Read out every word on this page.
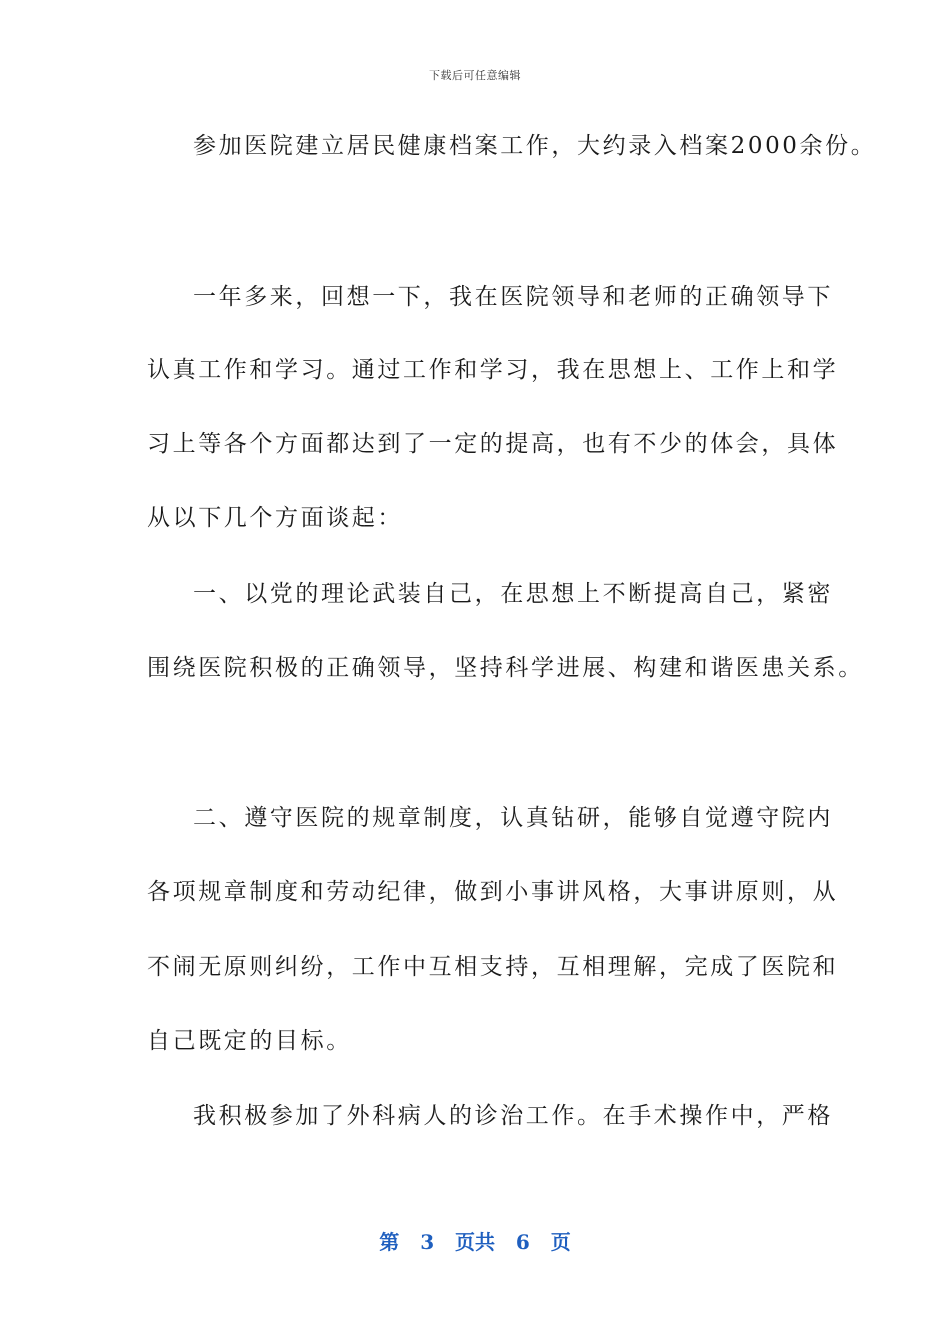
下载后可任意编辑
参加医院建立居民健康档案工作，大约录入档案2000余份。
一年多来，回想一下，我在医院领导和老师的正确领导下
认真工作和学习。通过工作和学习，我在思想上、工作上和学
习上等各个方面都达到了一定的提高，也有不少的体会，具体
从以下几个方面谈起：
一、以党的理论武装自己，在思想上不断提高自己，紧密
围绕医院积极的正确领导，坚持科学进展、构建和谐医患关系。
二、遵守医院的规章制度，认真钻研，能够自觉遵守院内
各项规章制度和劳动纪律，做到小事讲风格，大事讲原则，从
不闹无原则纠纷，工作中互相支持，互相理解，完成了医院和
自己既定的目标。
我积极参加了外科病人的诊治工作。在手术操作中，严格
第 3 页共 6 页
